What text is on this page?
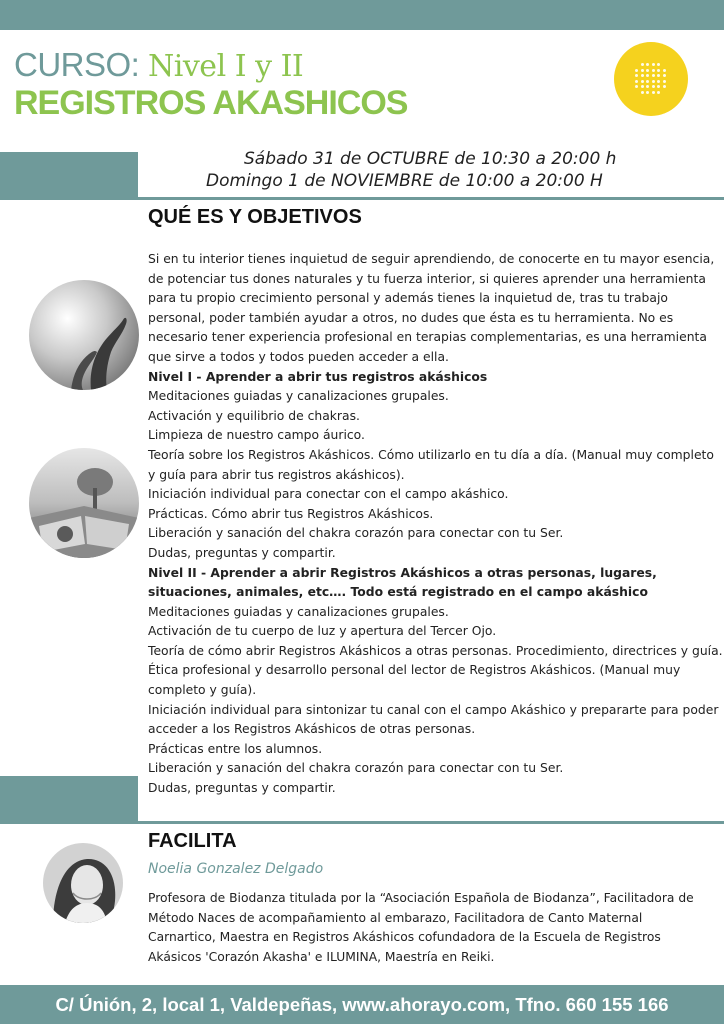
CURSO: Nivel I y II
REGISTROS AKASHICOS
Sábado 31 de OCTUBRE de 10:30 a 20:00 h
Domingo 1 de NOVIEMBRE de 10:00 a 20:00 H
QUÉ ES Y OBJETIVOS

Si en tu interior tienes inquietud de seguir aprendiendo, de conocerte en tu mayor esencia, de potenciar tus dones naturales y tu fuerza interior, si quieres aprender una herramienta para tu propio crecimiento personal y además tienes la inquietud de, tras tu trabajo personal, poder también ayudar a otros, no dudes que ésta es tu herramienta. No es necesario tener experiencia profesional en terapias complementarias, es una herramienta que sirve a todos y todos pueden acceder a ella.

Nivel I - Aprender a abrir tus registros akáshicos

Meditaciones guiadas y canalizaciones grupales.

Activación y equilibrio de chakras.

Limpieza de nuestro campo áurico.

Teoría sobre los Registros Akáshicos. Cómo utilizarlo en tu día a día. (Manual muy completo y guía para abrir tus registros akáshicos).

Iniciación individual para conectar con el campo akáshico.

Prácticas. Cómo abrir tus Registros Akáshicos.

Liberación y sanación del chakra corazón para conectar con tu Ser.

Dudas, preguntas y compartir.

Nivel II - Aprender a abrir Registros Akáshicos a otras personas, lugares, situaciones, animales, etc…. Todo está registrado en el campo akáshico

Meditaciones guiadas y canalizaciones grupales.

Activación de tu cuerpo de luz y apertura del Tercer Ojo.

Teoría de cómo abrir Registros Akáshicos a otras personas. Procedimiento, directrices y guía. Ética profesional y desarrollo personal del lector de Registros Akáshicos. (Manual muy completo y guía).

Iniciación individual para sintonizar tu canal con el campo Akáshico y prepararte para poder acceder a los Registros Akáshicos de otras personas.

Prácticas entre los alumnos.

Liberación y sanación del chakra corazón para conectar con tu Ser.

Dudas, preguntas y compartir.

FACILITA
Noelia Gonzalez Delgado
Profesora de Biodanza titulada por la “Asociación Española de Biodanza”, Facilitadora de Método Naces de acompañamiento al embarazo, Facilitadora de Canto Maternal Carnartico, Maestra en Registros Akáshicos cofundadora de la Escuela de Registros Akásicos 'Corazón Akasha' e ILUMINA, Maestría en Reiki.
C/ Únión, 2, local 1, Valdepeñas, www.ahorayo.com, Tfno. 660 155 166
